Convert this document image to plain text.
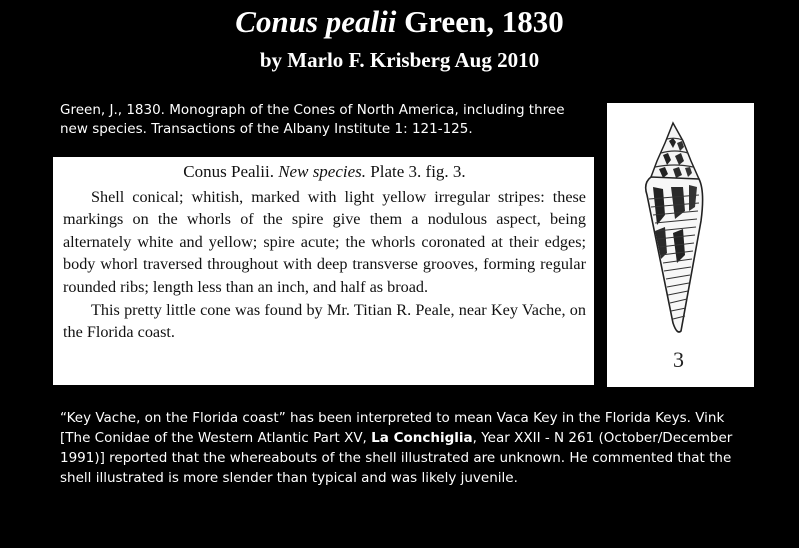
Conus pealii Green, 1830
by Marlo F. Krisberg Aug 2010
Green, J., 1830. Monograph of the Cones of North America, including three new species. Transactions of the Albany Institute 1: 121-125.
Conus Pealii. New species. Plate 3. fig. 3.

Shell conical; whitish, marked with light yellow irregular stripes: these markings on the whorls of the spire give them a nodulous aspect, being alternately white and yellow; spire acute; the whorls coronated at their edges; body whorl traversed throughout with deep transverse grooves, forming regular rounded ribs; length less than an inch, and half as broad.

This pretty little cone was found by Mr. Titian R. Peale, near Key Vache, on the Florida coast.

3
“Key Vache, on the Florida coast” has been interpreted to mean Vaca Key in the Florida Keys. Vink [The Conidae of the Western Atlantic Part XV, La Conchiglia, Year XXII - N 261 (October/December 1991)] reported that the whereabouts of the shell illustrated are unknown. He commented that the shell illustrated is more slender than typical and was likely juvenile.
